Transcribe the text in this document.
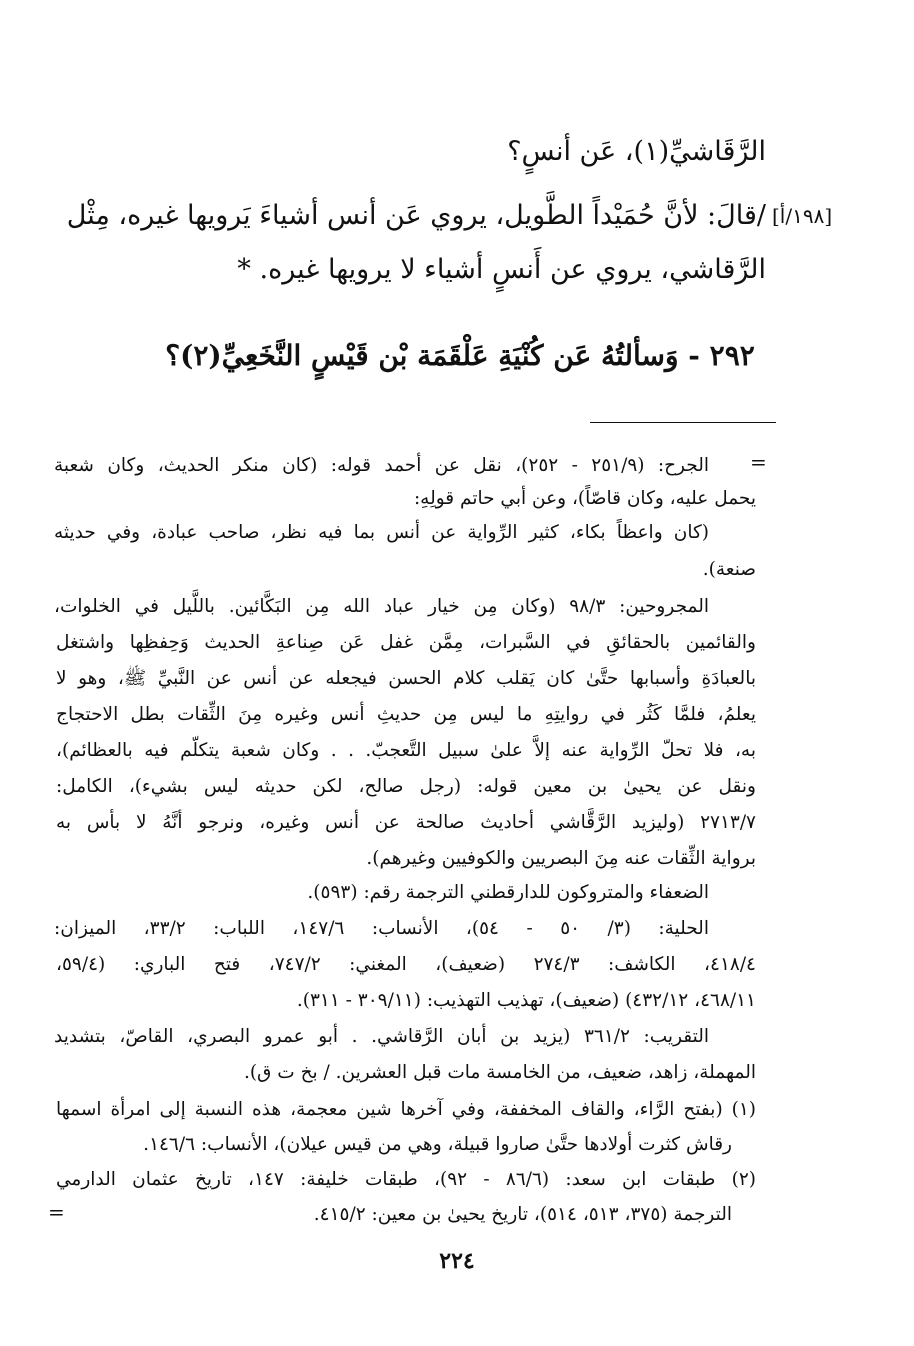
الرَّقَاشيِّ(١)، عَن أنسٍ؟
[١٩٨/أ]
/قالَ: لأنَّ حُمَيْداً الطَّويل، يروي عَن أنس أشياءَ يَرويها غيره، مِثْل
الرَّقاشي، يروي عن أَنسٍ أشياء لا يرويها غيره. *
٢٩٢ - وَسألتُهُ عَن كُنْيَةِ عَلْقَمَة بْن قَيْسٍ النَّخَعِيِّ(٢)؟
=
الجرح: (٢٥١/٩ - ٢٥٢)، نقل عن أحمد قوله: (كان منكر الحديث، وكان شعبة
يحمل عليه، وكان قاصّاً)، وعن أبي حاتم قولِهِ:
(كان واعظاً بكاء، كثير الرِّواية عن أنس بما فيه نظر، صاحب عبادة، وفي حديثه
صنعة).
المجروحين: ٩٨/٣ (وكان مِن خيار عباد الله مِن البَكَّائين. باللَّيل في الخلوات،
والقائمين بالحقائقِ في السَّبرات، مِمَّن غفل عَن صِناعةِ الحديث وَحِفظِها واشتغل
بالعبادَةِ وأسبابها حتَّىٰ كان يَقلب كلام الحسن فيجعله عن أنس عن النَّبيِّ ﷺ، وهو لا
يعلمُ، فلمَّا كَثُر في روايتِهِ ما ليس مِن حديثِ أنس وغيره مِنَ الثِّقات بطل الاحتجاج
به، فلا تحلّ الرِّواية عنه إلاَّ علىٰ سبيل التَّعجبّ. . . وكان شعبة يتكلّم فيه بالعظائم)،
ونقل عن يحيىٰ بن معين قوله: (رجل صالح، لكن حديثه ليس بشيء)، الكامل:
٢٧١٣/٧ (وليزيد الرَّقَّاشي أحاديث صالحة عن أنس وغيره، ونرجو أنَّهُ لا بأس به
برواية الثِّقات عنه مِنَ البصريين والكوفيين وغيرهم).
الضعفاء والمتروكون للدارقطني الترجمة رقم: (٥٩٣).
الحلية: (٣/ ٥٠ - ٥٤)، الأنساب: ١٤٧/٦، اللباب: ٣٣/٢، الميزان:
٤١٨/٤، الكاشف: ٢٧٤/٣ (ضعيف)، المغني: ٧٤٧/٢، فتح الباري: (٥٩/٤،
٤٦٨/١١، ٤٣٢/١٢) (ضعيف)، تهذيب التهذيب: (٣٠٩/١١ - ٣١١).
التقريب: ٣٦١/٢ (يزيد بن أبان الرَّقاشي. . أبو عمرو البصري، القاصّ، بتشديد
المهملة، زاهد، ضعيف، من الخامسة مات قبل العشرين. / بخ ت ق).
(١) (بفتح الرَّاء، والقاف المخففة، وفي آخرها شين معجمة، هذه النسبة إلى امرأة اسمها
رقاش كثرت أولادها حتَّىٰ صاروا قبيلة، وهي من قيس عيلان)، الأنساب: ١٤٦/٦.
(٢) طبقات ابن سعد: (٨٦/٦ - ٩٢)، طبقات خليفة: ١٤٧، تاريخ عثمان الدارمي
الترجمة (٣٧٥، ٥١٣، ٥١٤)، تاريخ يحيىٰ بن معين: ٤١٥/٢.
=
٢٢٤
